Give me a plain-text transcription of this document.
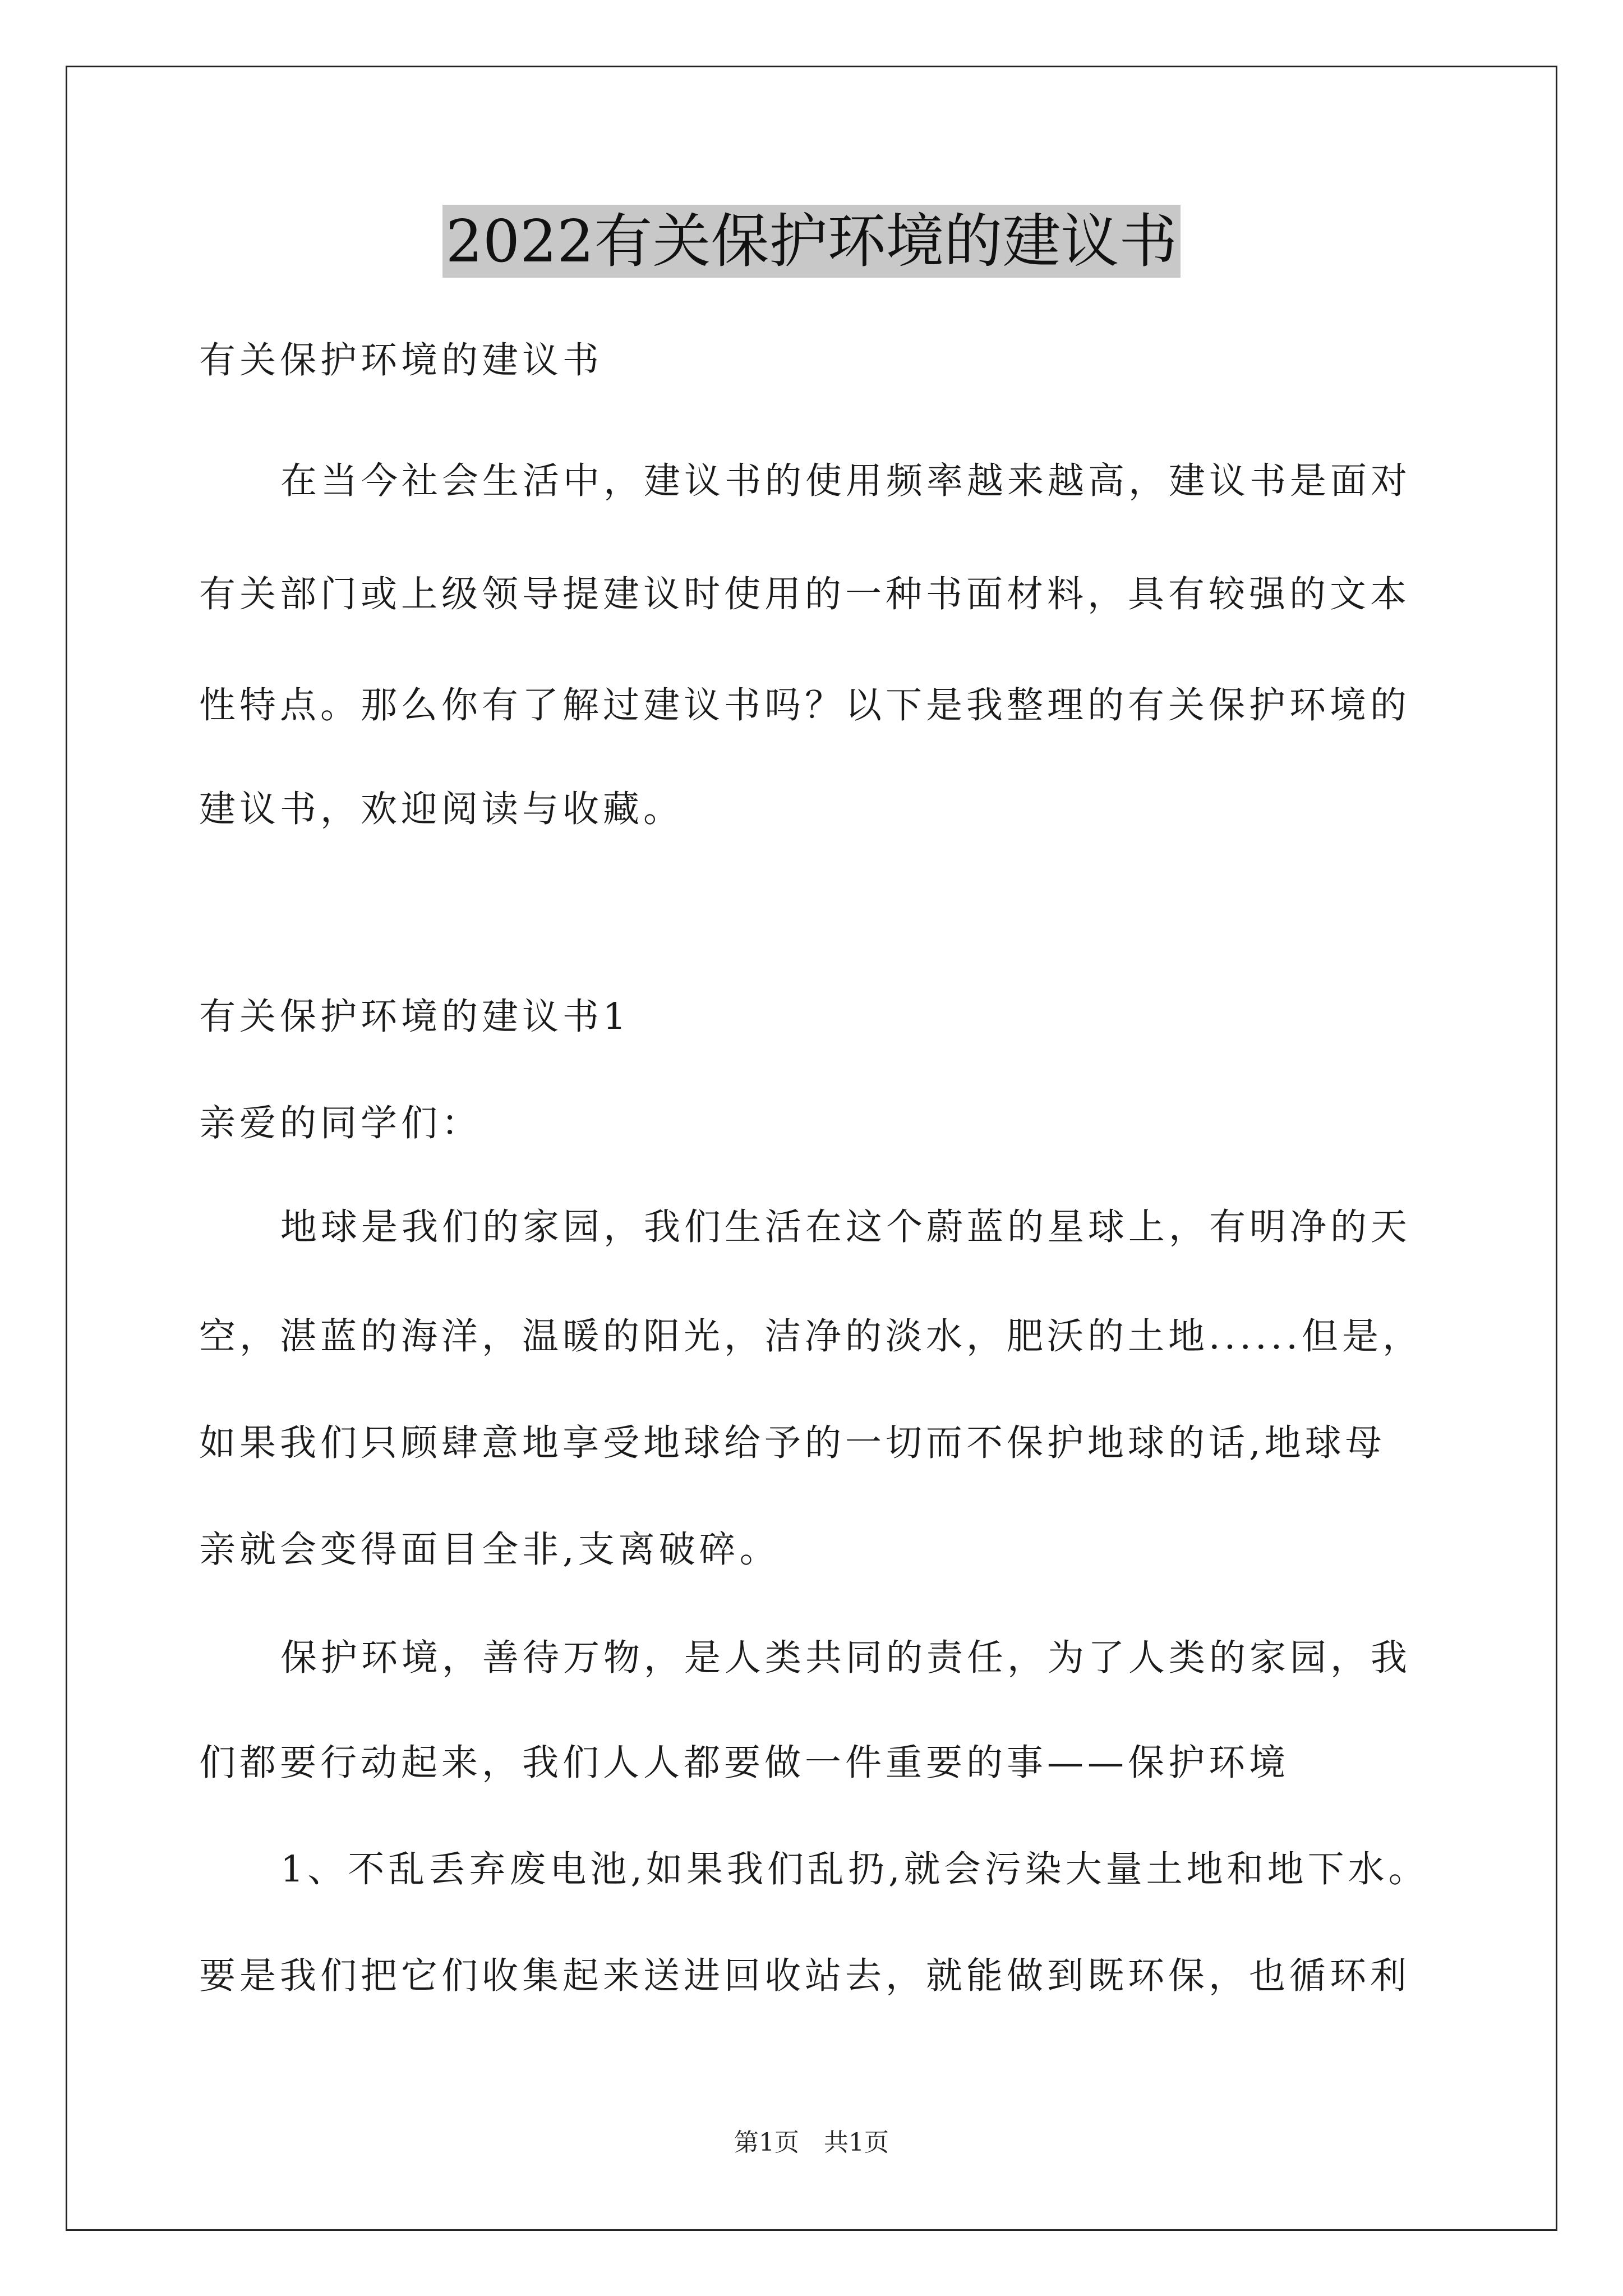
2022有关保护环境的建议书
有关保护环境的建议书
在当今社会生活中，建议书的使用频率越来越高，建议书是面对
有关部门或上级领导提建议时使用的一种书面材料，具有较强的文本
性特点。那么你有了解过建议书吗？以下是我整理的有关保护环境的
建议书，欢迎阅读与收藏。
有关保护环境的建议书1
亲爱的同学们：
地球是我们的家园，我们生活在这个蔚蓝的星球上，有明净的天
空，湛蓝的海洋，温暖的阳光，洁净的淡水，肥沃的土地......但是，
如果我们只顾肆意地享受地球给予的一切而不保护地球的话,地球母
亲就会变得面目全非,支离破碎。
保护环境，善待万物，是人类共同的责任，为了人类的家园，我
们都要行动起来，我们人人都要做一件重要的事——保护环境
1、不乱丢弃废电池,如果我们乱扔,就会污染大量土地和地下水。
要是我们把它们收集起来送进回收站去，就能做到既环保，也循环利
第1页　共1页
